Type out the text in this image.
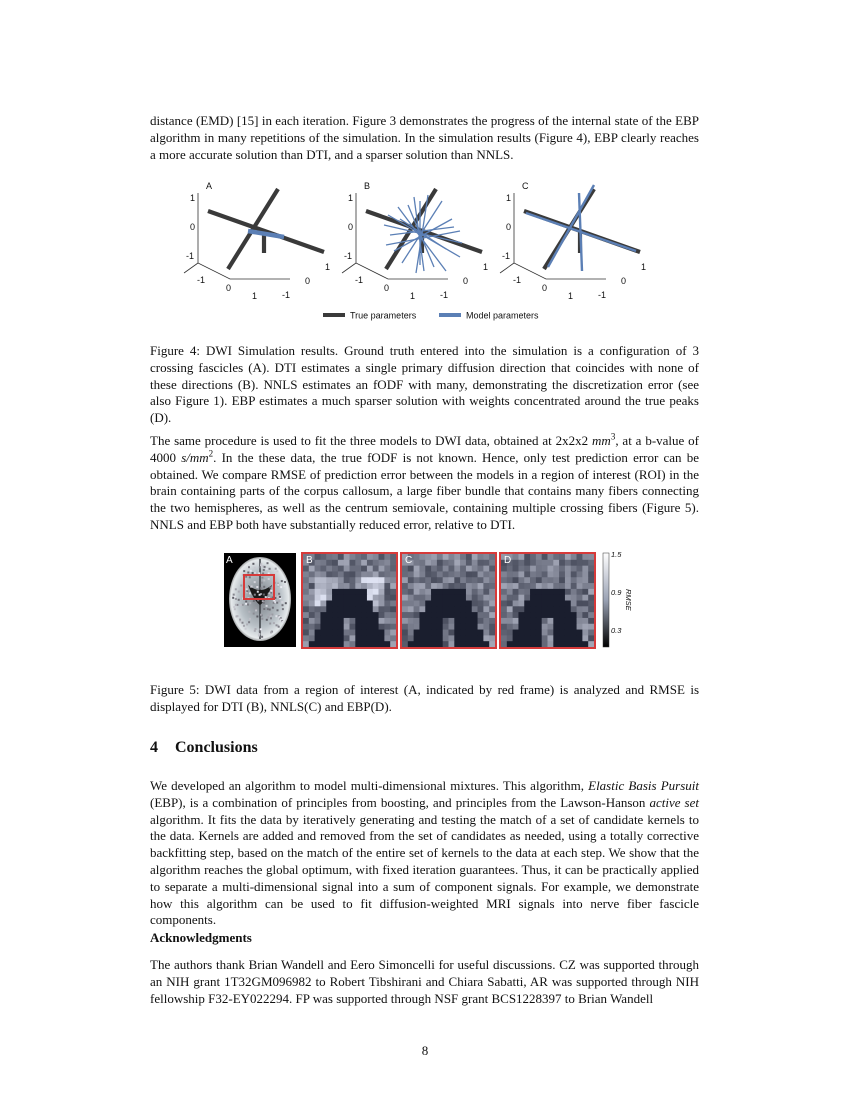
distance (EMD) [15] in each iteration. Figure 3 demonstrates the progress of the internal state of the EBP algorithm in many repetitions of the simulation. In the simulation results (Figure 4), EBP clearly reaches a more accurate solution than DTI, and a sparser solution than NNLS.

A
1
0
-1
-1
0
1	-1
0
1
B
1
0
-1
-1
0
1	-1
0
1
C
1
0
-1
-1
0
1	-1
0
1
True parameters	Model parameters

Figure 4: DWI Simulation results. Ground truth entered into the simulation is a configuration of 3 crossing fascicles (A). DTI estimates a single primary diffusion direction that coincides with none of these directions (B). NNLS estimates an fODF with many, demonstrating the discretization error (see also Figure 1). EBP estimates a much sparser solution with weights concentrated around the true peaks (D).

The same procedure is used to fit the three models to DWI data, obtained at 2x2x2 $mm^3$, at a b-value of 4000 $s/mm^2$. In the these data, the true fODF is not known. Hence, only test prediction error can be obtained. We compare RMSE of prediction error between the models in a region of interest (ROI) in the brain containing parts of the corpus callosum, a large fiber bundle that contains many fibers connecting the two hemispheres, as well as the centrum semiovale, containing multiple crossing fibers (Figure 5). NNLS and EBP both have substantially reduced error, relative to DTI.

A	B	C	D
1.5
0.9
0.3
RMSE

Figure 5: DWI data from a region of interest (A, indicated by red frame) is analyzed and RMSE is displayed for DTI (B), NNLS(C) and EBP(D).

4 Conclusions

We developed an algorithm to model multi-dimensional mixtures. This algorithm, Elastic Basis Pursuit (EBP), is a combination of principles from boosting, and principles from the Lawson-Hanson active set algorithm. It fits the data by iteratively generating and testing the match of a set of candidate kernels to the data. Kernels are added and removed from the set of candidates as needed, using a totally corrective backfitting step, based on the match of the entire set of kernels to the data at each step. We show that the algorithm reaches the global optimum, with fixed iteration guarantees. Thus, it can be practically applied to separate a multi-dimensional signal into a sum of component signals. For example, we demonstrate how this algorithm can be used to fit diffusion-weighted MRI signals into nerve fiber fascicle components.

Acknowledgments

The authors thank Brian Wandell and Eero Simoncelli for useful discussions. CZ was supported through an NIH grant 1T32GM096982 to Robert Tibshirani and Chiara Sabatti, AR was supported through NIH fellowship F32-EY022294. FP was supported through NSF grant BCS1228397 to Brian Wandell

8
